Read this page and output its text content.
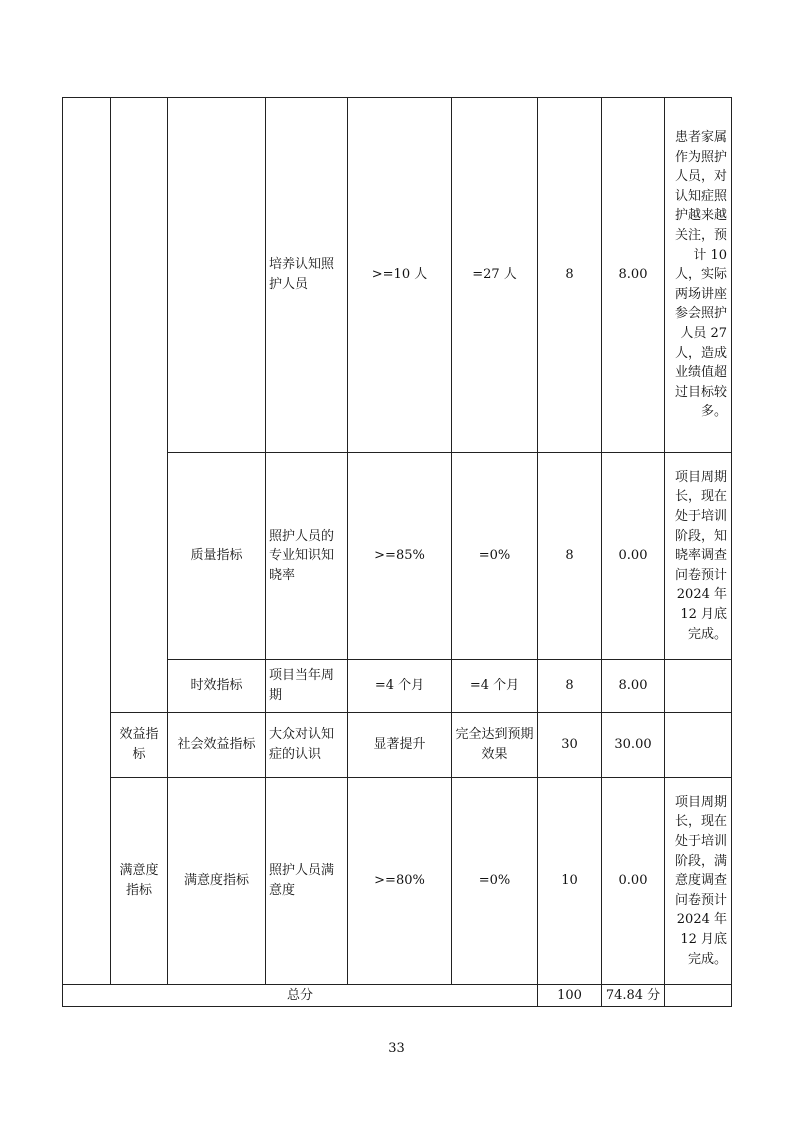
			培养认知照护人员	>=10 人	=27 人	8	8.00	患者家属作为照护人员，对认知症照护越来越关注，预计 10 人，实际两场讲座参会照护人员 27 人，造成业绩值超过目标较多。
		质量指标	照护人员的专业知识知晓率	>=85%	=0%	8	0.00	项目周期长，现在处于培训阶段，知晓率调查问卷预计 2024 年 12 月底完成。
		时效指标	项目当年周期	=4 个月	=4 个月	8	8.00	
	效益指标	社会效益指标	大众对认知症的认识	显著提升	完全达到预期效果	30	30.00	
	满意度指标	满意度指标	照护人员满意度	>=80%	=0%	10	0.00	项目周期长，现在处于培训阶段，满意度调查问卷预计 2024 年 12 月底完成。
总分						100	74.84 分	
33
